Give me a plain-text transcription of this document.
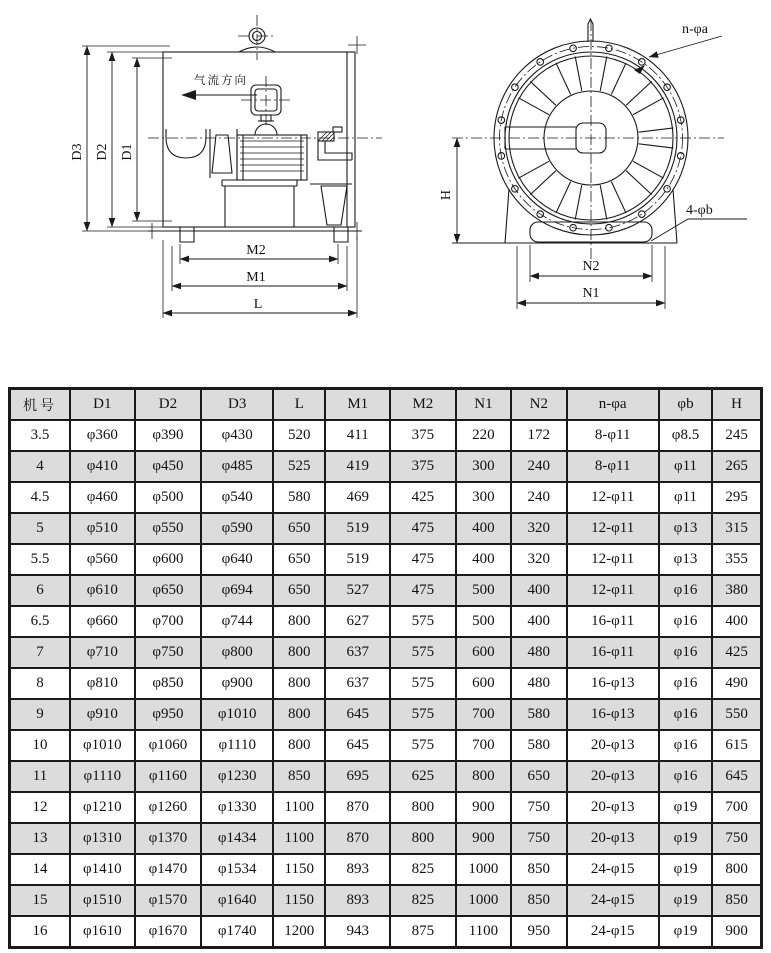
气流方向
D3 D2 D1
M2
M1
L
n-φa
4-φb
H
N2
N1
机号	D1	D2	D3	L	M1	M2	N1	N2	n-φa	φb	H
3.5	φ360	φ390	φ430	520	411	375	220	172	8-φ11	φ8.5	245
4	φ410	φ450	φ485	525	419	375	300	240	8-φ11	φ11	265
4.5	φ460	φ500	φ540	580	469	425	300	240	12-φ11	φ11	295
5	φ510	φ550	φ590	650	519	475	400	320	12-φ11	φ13	315
5.5	φ560	φ600	φ640	650	519	475	400	320	12-φ11	φ13	355
6	φ610	φ650	φ694	650	527	475	500	400	12-φ11	φ16	380
6.5	φ660	φ700	φ744	800	627	575	500	400	16-φ11	φ16	400
7	φ710	φ750	φ800	800	637	575	600	480	16-φ11	φ16	425
8	φ810	φ850	φ900	800	637	575	600	480	16-φ13	φ16	490
9	φ910	φ950	φ1010	800	645	575	700	580	16-φ13	φ16	550
10	φ1010	φ1060	φ1110	800	645	575	700	580	20-φ13	φ16	615
11	φ1110	φ1160	φ1230	850	695	625	800	650	20-φ13	φ16	645
12	φ1210	φ1260	φ1330	1100	870	800	900	750	20-φ13	φ19	700
13	φ1310	φ1370	φ1434	1100	870	800	900	750	20-φ13	φ19	750
14	φ1410	φ1470	φ1534	1150	893	825	1000	850	24-φ15	φ19	800
15	φ1510	φ1570	φ1640	1150	893	825	1000	850	24-φ15	φ19	850
16	φ1610	φ1670	φ1740	1200	943	875	1100	950	24-φ15	φ19	900
